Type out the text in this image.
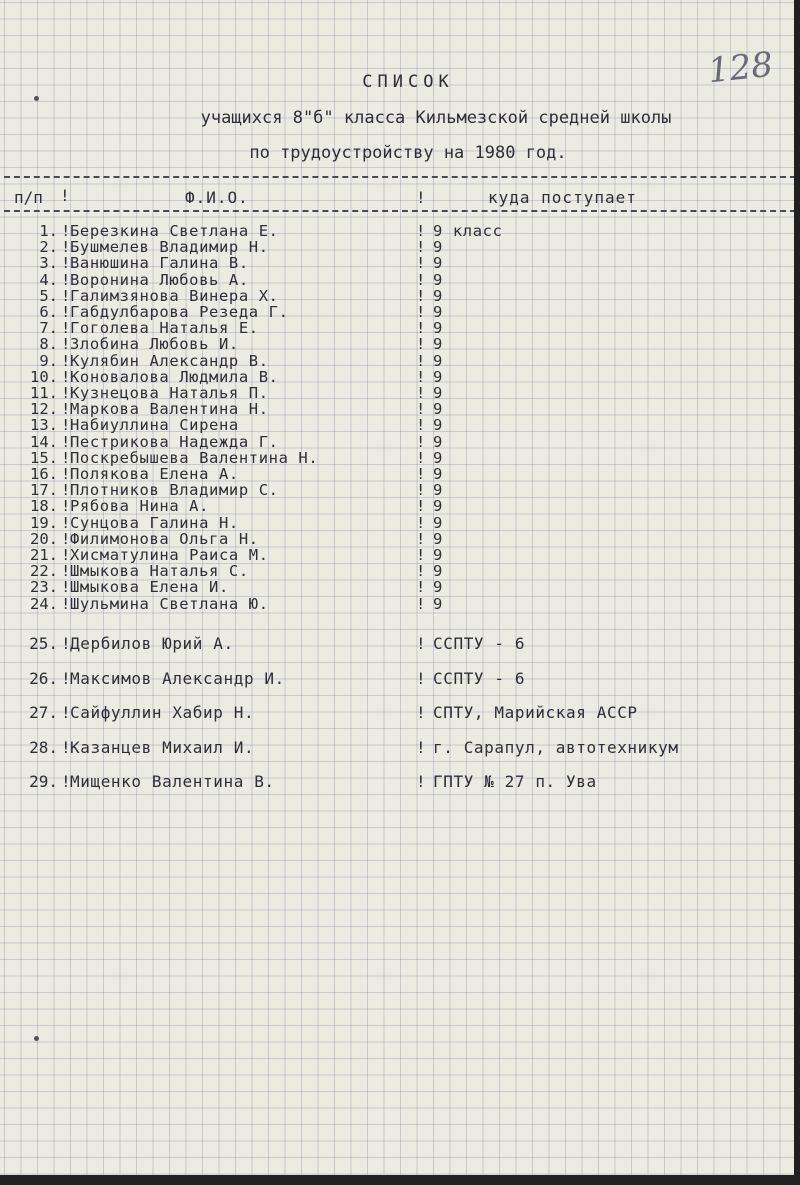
128
СПИСОК
учащихся 8"б" класса Кильмезской средней школы
по трудоустройству на 1980 год.
п/п !	Ф.И.О.	!	куда поступает
1. ! Березкина Светлана Е.	! 9 класс
2. ! Бушмелев Владимир Н.	! 9
3. ! Ванюшина Галина В.	! 9
4. ! Воронина Любовь А.	! 9
5. ! Галимзянова Винера Х.	! 9
6. ! Габдулбарова Резеда Г.	! 9
7. ! Гоголева Наталья Е.	! 9
8. ! Злобина Любовь И.	! 9
9. ! Кулябин Александр В.	! 9
10. ! Коновалова Людмила В.	! 9
11. ! Кузнецова Наталья П.	! 9
12. ! Маркова Валентина Н.	! 9
13. ! Набиуллина Сирена	! 9
14. ! Пестрикова Надежда Г.	! 9
15. ! Поскребышева Валентина Н.	! 9
16. ! Полякова Елена А.	! 9
17. ! Плотников Владимир С.	! 9
18. ! Рябова Нина А.	! 9
19. ! Сунцова Галина Н.	! 9
20. ! Филимонова Ольга Н.	! 9
21. ! Хисматулина Раиса М.	! 9
22. ! Шмыкова Наталья С.	! 9
23. ! Шмыкова Елена И.	! 9
24. ! Шульмина Светлана Ю.	! 9
25. ! Дербилов Юрий А.	! ССПТУ - 6
26. ! Максимов Александр И.	! ССПТУ - 6
27. ! Сайфуллин Хабир Н.	! СПТУ, Марийская АССР
28. ! Казанцев Михаил И.	! г. Сарапул, автотехникум
29. ! Мищенко Валентина В.	! ГПТУ № 27 п. Ува
